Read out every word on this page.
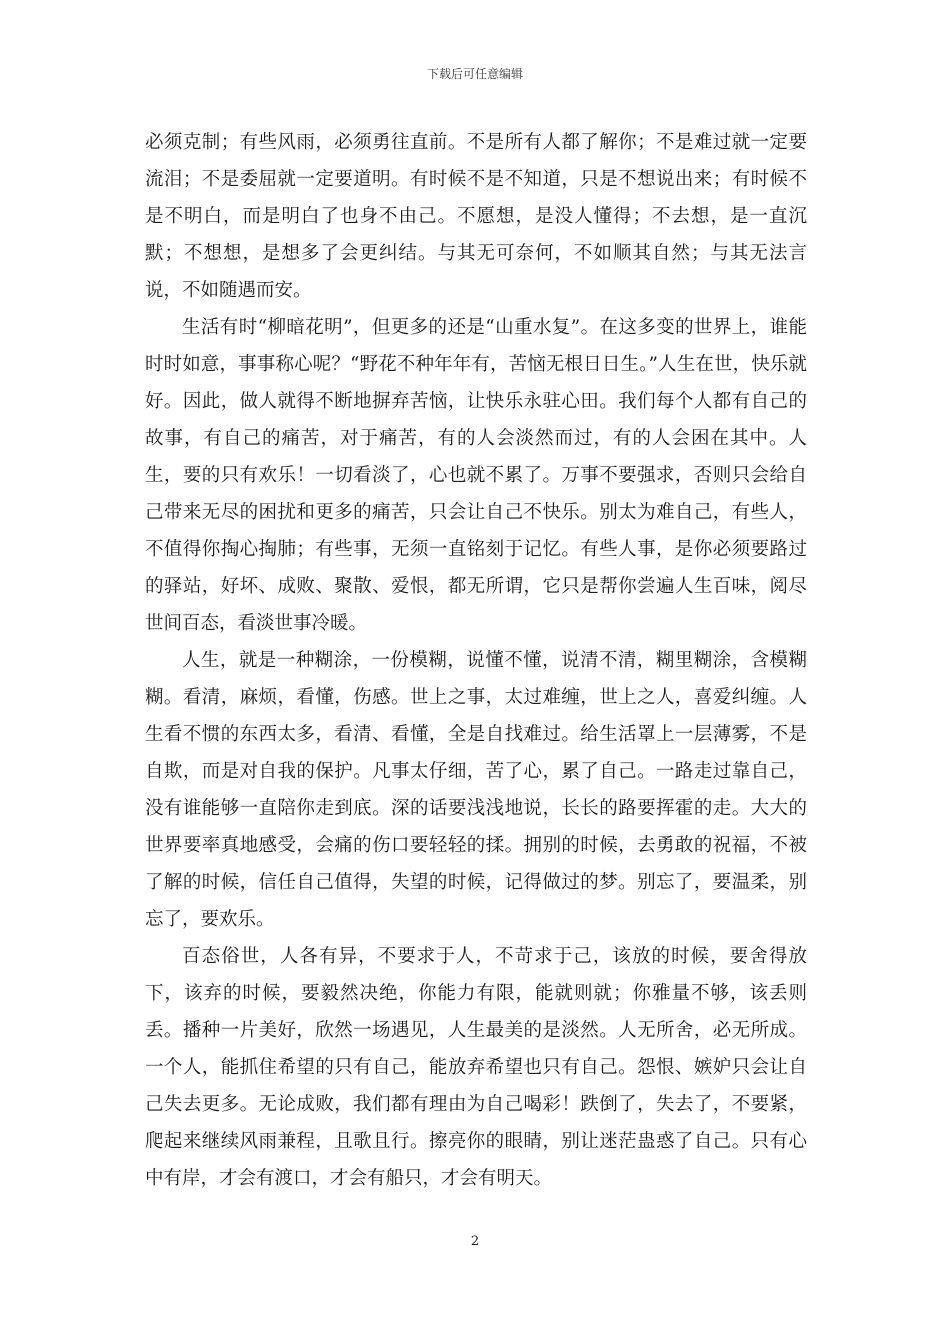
下载后可任意编辑

必须克制；有些风雨，必须勇往直前。不是所有人都了解你；不是难过就一定要流泪；不是委屈就一定要道明。有时候不是不知道，只是不想说出来；有时候不是不明白，而是明白了也身不由己。不愿想，是没人懂得；不去想，是一直沉默；不想想，是想多了会更纠结。与其无可奈何，不如顺其自然；与其无法言说，不如随遇而安。

生活有时“柳暗花明”，但更多的还是“山重水复”。在这多变的世界上，谁能时时如意，事事称心呢？“野花不种年年有，苦恼无根日日生。”人生在世，快乐就好。因此，做人就得不断地摒弃苦恼，让快乐永驻心田。我们每个人都有自己的故事，有自己的痛苦，对于痛苦，有的人会淡然而过，有的人会困在其中。人生，要的只有欢乐！一切看淡了，心也就不累了。万事不要强求，否则只会给自己带来无尽的困扰和更多的痛苦，只会让自己不快乐。别太为难自己，有些人，不值得你掏心掏肺；有些事，无须一直铭刻于记忆。有些人事，是你必须要路过的驿站，好坏、成败、聚散、爱恨，都无所谓，它只是帮你尝遍人生百味，阅尽世间百态，看淡世事冷暖。

人生，就是一种糊涂，一份模糊，说懂不懂，说清不清，糊里糊涂，含模糊糊。看清，麻烦，看懂，伤感。世上之事，太过难缠，世上之人，喜爱纠缠。人生看不惯的东西太多，看清、看懂，全是自找难过。给生活罩上一层薄雾，不是自欺，而是对自我的保护。凡事太仔细，苦了心，累了自己。一路走过靠自己，没有谁能够一直陪你走到底。深的话要浅浅地说，长长的路要挥霍的走。大大的世界要率真地感受，会痛的伤口要轻轻的揉。拥别的时候，去勇敢的祝福，不被了解的时候，信任自己值得，失望的时候，记得做过的梦。别忘了，要温柔，别忘了，要欢乐。

百态俗世，人各有异，不要求于人，不苛求于己，该放的时候，要舍得放下，该弃的时候，要毅然决绝，你能力有限，能就则就；你雅量不够，该丢则丢。播种一片美好，欣然一场遇见，人生最美的是淡然。人无所舍，必无所成。一个人，能抓住希望的只有自己，能放弃希望也只有自己。怨恨、嫉妒只会让自己失去更多。无论成败，我们都有理由为自己喝彩！跌倒了，失去了，不要紧，爬起来继续风雨兼程，且歌且行。擦亮你的眼睛，别让迷茫蛊惑了自己。只有心中有岸，才会有渡口，才会有船只，才会有明天。

2
